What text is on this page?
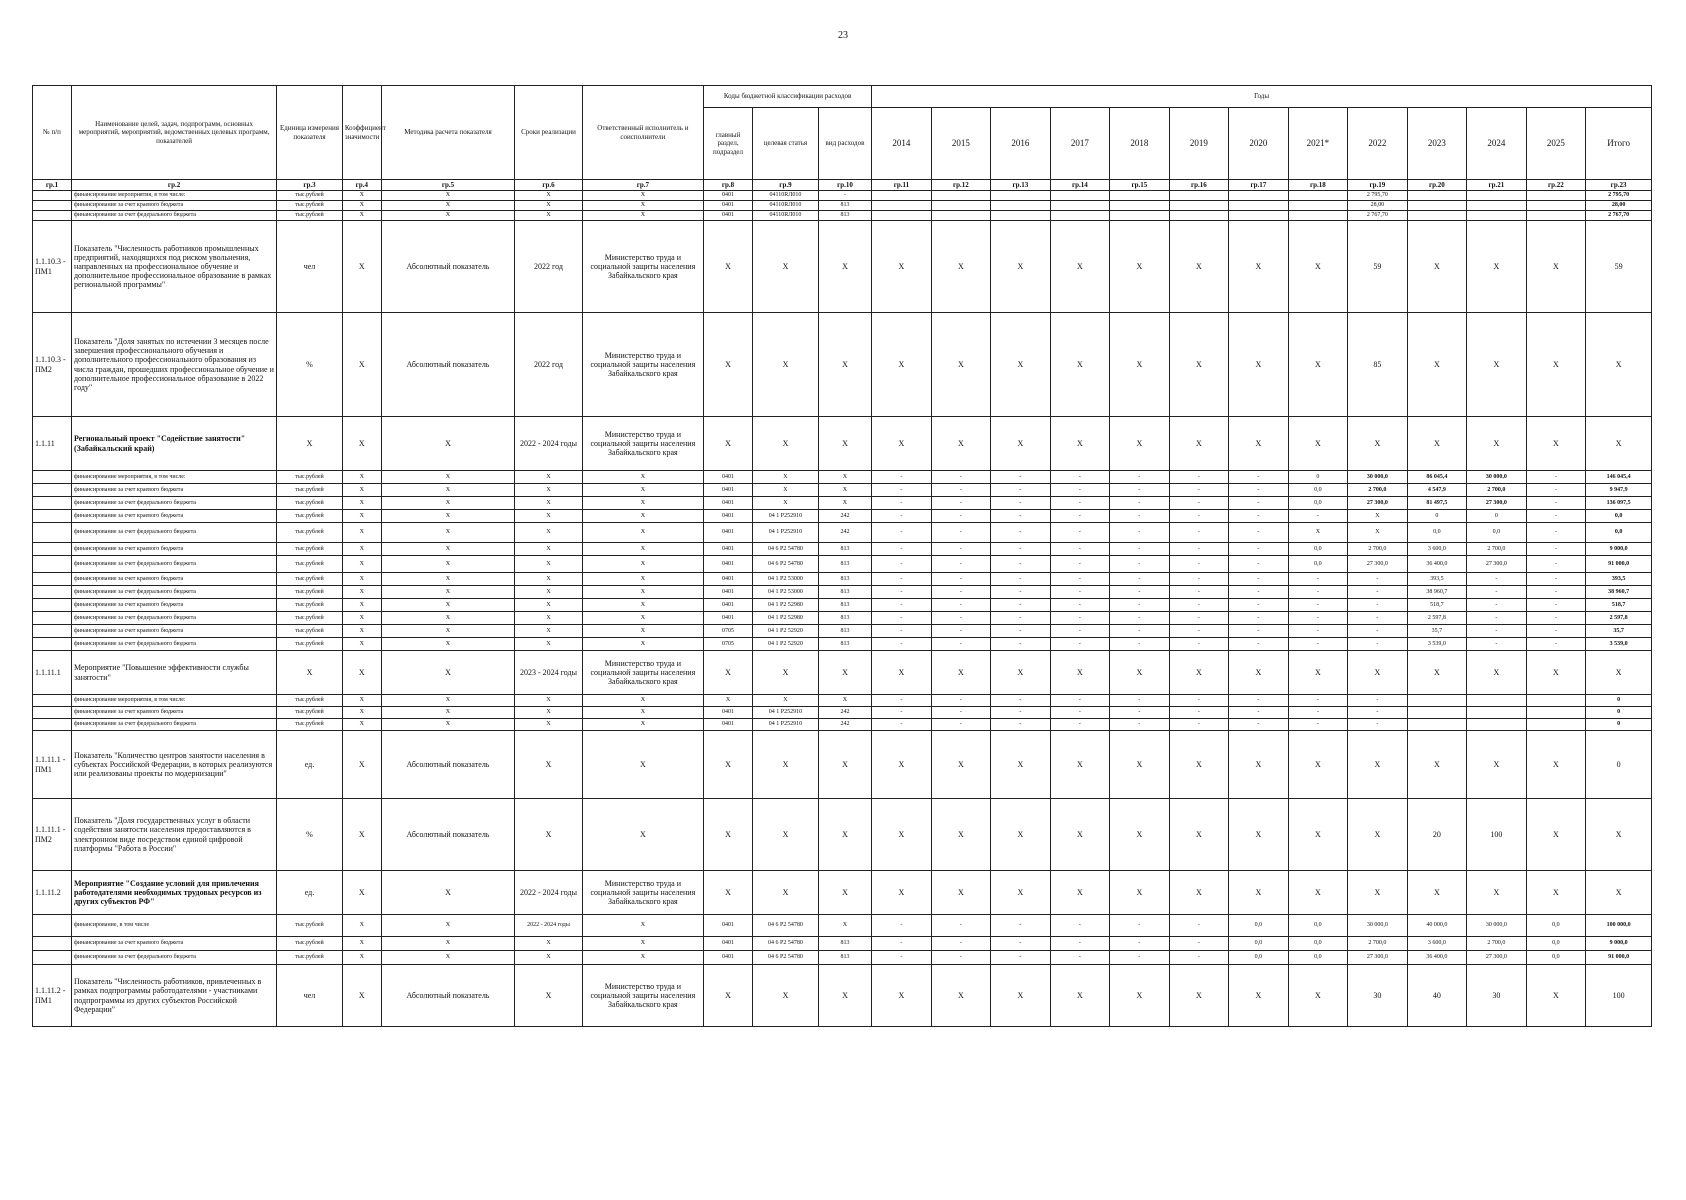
23
№ п/п	Наименование целей, задач, подпрограмм, основных мероприятий, мероприятий, ведомственных целевых программ, показателей	Единица измерения показателя	Коэффициент значимости	Методика расчета показателя	Сроки реализации	Ответственный исполнитель и соисполнители	Коды бюджетной классификации расходов			Годы												
							главный раздел, подраздел	целевая статья	вид расходов	2014	2015	2016	2017	2018	2019	2020	2021*	2022	2023	2024	2025	Итого
гр.1	гр.2	гр.3	гр.4	гр.5	гр.6	гр.7	гр.8	гр.9	гр.10	гр.11	гр.12	гр.13	гр.14	гр.15	гр.16	гр.17	гр.18	гр.19	гр.20	гр.21	гр.22	гр.23
	финансирование мероприятия, в том числе:	тыс.рублей	X	X	X	X	0401	04110RЛ010	-									2 795,70				2 795,70
	финансирование за счет краевого бюджета	тыс.рублей	X	X	X	X	0401	04110RЛ010	813									28,00				28,00
	финансирование за счет федерального бюджета	тыс.рублей	X	X	X	X	0401	04110RЛ010	813									2 767,70				2 767,70
1.1.10.3 - ПМ1	Показатель "Численность работников промышленных предприятий, находящихся под риском увольнения, направленных на профессиональное обучение и дополнительное профессиональное образование в рамках региональной программы"	чел	X	Абсолютный показатель	2022 год	Министерство труда и социальной защиты населения Забайкальского края	X	X	X	X	X	X	X	X	X	X	X	59	X	X	X	59
1.1.10.3 - ПМ2	Показатель "Доля занятых по истечении 3 месяцев после завершения профессионального обучения и дополнительного профессионального образования из числа граждан, прошедших профессиональное обучение и дополнительное профессиональное образование в 2022 году"	%	X	Абсолютный показатель	2022 год	Министерство труда и социальной защиты населения Забайкальского края	X	X	X	X	X	X	X	X	X	X	X	85	X	X	X	X
1.1.11	Региональный проект "Содействие занятости" (Забайкальский край)	X	X	X	2022 - 2024 годы	Министерство труда и социальной защиты населения Забайкальского края	X	X	X	X	X	X	X	X	X	X	X	X	X	X	X	X
	финансирование мероприятия, в том числе:	тыс.рублей	X	X	X	X	0401	X	X	-	-	-	-	-	-	-	0	30 000,0	86 045,4	30 000,0	-	146 045,4
	финансирование за счет краевого бюджета	тыс.рублей	X	X	X	X	0401	X	X	-	-	-	-	-	-	-	0,0	2 700,0	4 547,9	2 700,0	-	9 947,9
	финансирование за счет федерального бюджета	тыс.рублей	X	X	X	X	0401	X	X	-	-	-	-	-	-	-	0,0	27 300,0	81 497,5	27 300,0	-	136 097,5
	финансирование за счет краевого бюджета	тыс.рублей	X	X	X	X	0401	04 1 P252910	242	-	-	-	-	-	-	-	-	X	0	0	-	0,0
	финансирование за счет федерального бюджета	тыс.рублей	X	X	X	X	0401	04 1 P252910	242	-	-	-	-	-	-	-	X	X	0,0	0,0	-	0,0
	финансирование за счет краевого бюджета	тыс.рублей	X	X	X	X	0401	04 6 P2 54780	813	-	-	-	-	-	-	-	0,0	2 700,0	3 600,0	2 700,0	-	9 000,0
	финансирование за счет федерального бюджета	тыс.рублей	X	X	X	X	0401	04 6 P2 54780	813	-	-	-	-	-	-	-	0,0	27 300,0	36 400,0	27 300,0	-	91 000,0
	финансирование за счет краевого бюджета	тыс.рублей	X	X	X	X	0401	04 1 P2 53000	813	-	-	-	-	-	-	-	-	-	393,5	-	-	393,5
	финансирование за счет федерального бюджета	тыс.рублей	X	X	X	X	0401	04 1 P2 53000	813	-	-	-	-	-	-	-	-	-	38 960,7	-	-	38 960,7
	финансирование за счет краевого бюджета	тыс.рублей	X	X	X	X	0401	04 1 P2 52980	813	-	-	-	-	-	-	-	-	-	518,7	-	-	518,7
	финансирование за счет федерального бюджета	тыс.рублей	X	X	X	X	0401	04 1 P2 52980	813	-	-	-	-	-	-	-	-	-	2 597,8	-	-	2 597,8
	финансирование за счет краевого бюджета	тыс.рублей	X	X	X	X	0705	04 1 P2 52920	813	-	-	-	-	-	-	-	-	-	35,7	-	-	35,7
	финансирование за счет федерального бюджета	тыс.рублей	X	X	X	X	0705	04 1 P2 52920	813	-	-	-	-	-	-	-	-	-	3 539,0	-	-	3 539,0
1.1.11.1	Мероприятие "Повышение эффективности службы занятости"	X	X	X	2023 - 2024 годы	Министерство труда и социальной защиты населения Забайкальского края	X	X	X	X	X	X	X	X	X	X	X	X	X	X	X	X
	финансирование мероприятия, в том числе:	тыс.рублей	X	X	X	X	X	X	X	-	-	-	-	-	-	-	-	-				0
	финансирование за счет краевого бюджета	тыс.рублей	X	X	X	X	0401	04 1 P252910	242	-	-	-	-	-	-	-	-	-				0
	финансирование за счет федерального бюджета	тыс.рублей	X	X	X	X	0401	04 1 P252910	242	-	-	-	-	-	-	-	-	-				0
1.1.11.1 - ПМ1	Показатель "Количество центров занятости населения в субъектах Российской Федерации, в которых реализуются или реализованы проекты по модернизации"	ед.	X	Абсолютный показатель	X	X	X	X	X	X	X	X	X	X	X	X	X	X	X	X	X	0
1.1.11.1 - ПМ2	Показатель "Доля государственных услуг в области содействия занятости населения предоставляются в электронном виде посредством единой цифровой платформы "Работа в России"	%	X	Абсолютный показатель	X	X	X	X	X	X	X	X	X	X	X	X	X	X	20	100	X	X
1.1.11.2	Мероприятие "Создание условий для привлечения работодателями необходимых трудовых ресурсов из других субъектов РФ"	ед.	X	X	2022 - 2024 годы	Министерство труда и социальной защиты населения Забайкальского края	X	X	X	X	X	X	X	X	X	X	X	X	X	X	X	X
	финансирование, в том числе	тыс.рублей	X	X	2022 - 2024 годы	X	0401	04 6 P2 54780	X	-	-	-	-	-	-	0,0	0,0	30 000,0	40 000,0	30 000,0	0,0	100 000,0
	финансирование за счет краевого бюджета	тыс.рублей	X	X	X	X	0401	04 6 P2 54780	813	-	-	-	-	-	-	0,0	0,0	2 700,0	3 600,0	2 700,0	0,0	9 000,0
	финансирование за счет федерального бюджета	тыс.рублей	X	X	X	X	0401	04 6 P2 54780	813	-	-	-	-	-	-	0,0	0,0	27 300,0	36 400,0	27 300,0	0,0	91 000,0
1.1.11.2 - ПМ1	Показатель "Численность работников, привлеченных в рамках подпрограммы работодателями - участниками подпрограммы из других субъектов Российской Федерации"	чел	X	Абсолютный показатель	X	Министерство труда и социальной защиты населения Забайкальского края	X	X	X	X	X	X	X	X	X	X	X	30	40	30	X	100
